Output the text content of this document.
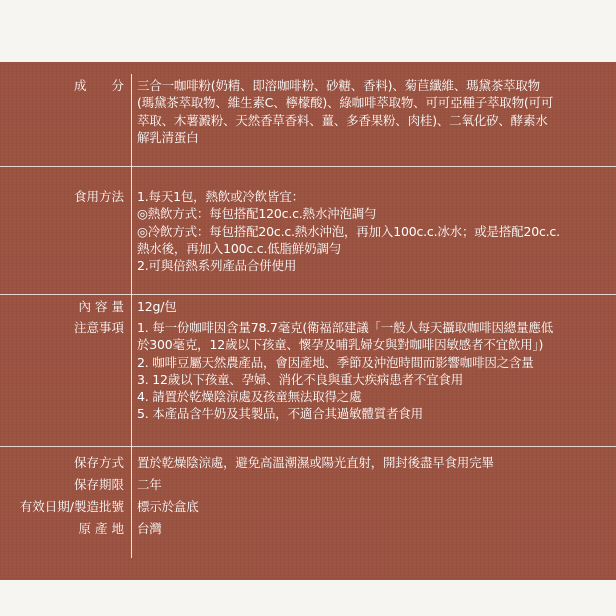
成　　分 三合一咖啡粉(奶精、即溶咖啡粉、砂糖、香料)、菊苣纖維、瑪黛茶萃取物
(瑪黛茶萃取物、維生素C、檸檬酸)、綠咖啡萃取物、可可亞種子萃取物(可可
萃取、木薯澱粉、天然香草香料、薑、多香果粉、肉桂)、二氧化矽、酵素水
解乳清蛋白
食用方法 1.每天1包，熱飲或冷飲皆宜：
◎熱飲方式：每包搭配120c.c.熱水沖泡調勻
◎冷飲方式：每包搭配20c.c.熱水沖泡，再加入100c.c.冰水；或是搭配20c.c.
熱水後，再加入100c.c.低脂鮮奶調勻
2.可與倍熱系列產品合併使用
內 容 量 12g/包
注意事項 1. 每一份咖啡因含量78.7毫克(衛福部建議「一般人每天攝取咖啡因總量應低
於300毫克，12歲以下孩童、懷孕及哺乳婦女與對咖啡因敏感者不宜飲用」)
2. 咖啡豆屬天然農產品，會因產地、季節及沖泡時間而影響咖啡因之含量
3. 12歲以下孩童、孕婦、消化不良與重大疾病患者不宜食用
4. 請置於乾燥陰涼處及孩童無法取得之處
5. 本產品含牛奶及其製品，不適合其過敏體質者食用
保存方式 置於乾燥陰涼處，避免高溫潮濕或陽光直射，開封後盡早食用完畢
保存期限 二年
有效日期/製造批號 標示於盒底
原 產 地 台灣
